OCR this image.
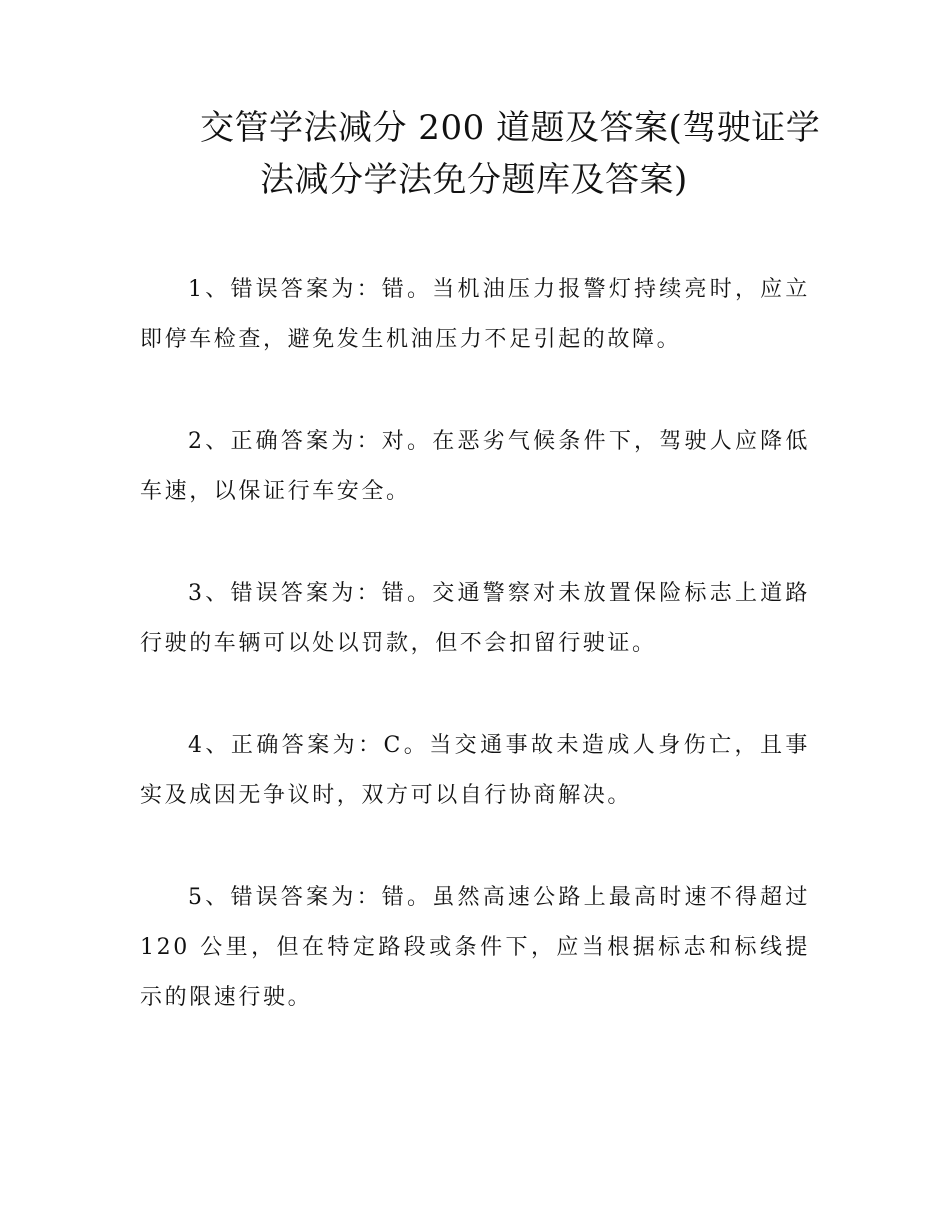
交管学法减分 200 道题及答案(驾驶证学
法减分学法免分题库及答案)

1、错误答案为：错。当机油压力报警灯持续亮时，应立即停车检查，避免发生机油压力不足引起的故障。

2、正确答案为：对。在恶劣气候条件下，驾驶人应降低车速，以保证行车安全。

3、错误答案为：错。交通警察对未放置保险标志上道路行驶的车辆可以处以罚款，但不会扣留行驶证。

4、正确答案为：C。当交通事故未造成人身伤亡，且事实及成因无争议时，双方可以自行协商解决。

5、错误答案为：错。虽然高速公路上最高时速不得超过 120 公里，但在特定路段或条件下，应当根据标志和标线提示的限速行驶。
